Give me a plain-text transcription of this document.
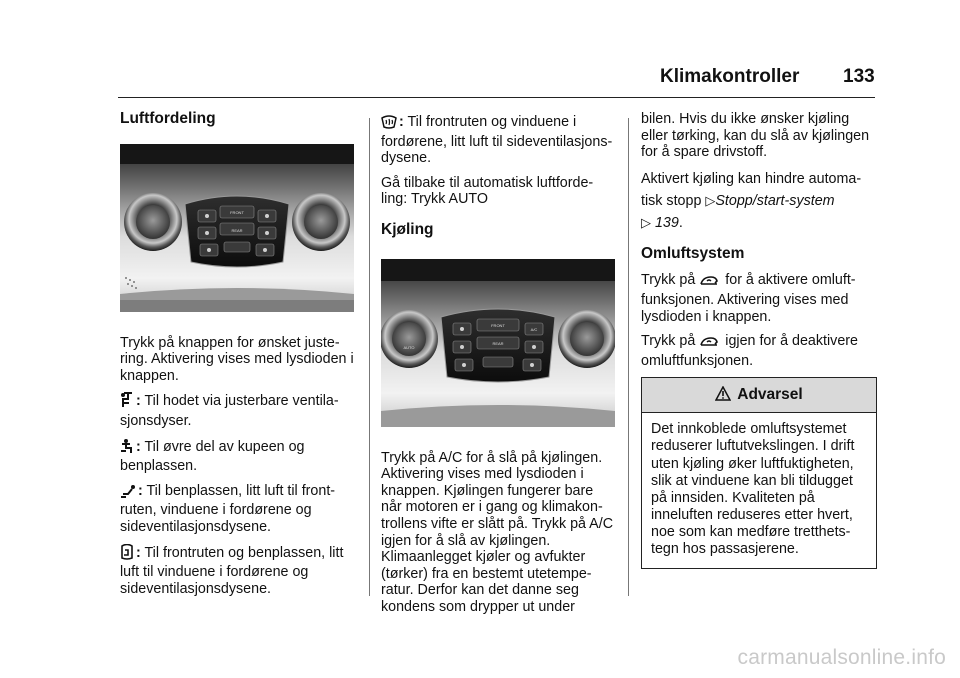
Klimakontroller 133
Luftfordeling
FRONT
REAR

Trykk på knappen for ønsket juste-ring. Aktivering vises med lysdioden i knappen.

: Til hodet via justerbare ventila-sjonsdyser.

: Til øvre del av kupeen og benplassen.

: Til benplassen, litt luft til front-ruten, vinduene i fordørene og sideventilasjonsdysene.

: Til frontruten og benplassen, litt luft til vinduene i fordørene og sideventilasjonsdysene.

: Til frontruten og vinduene i fordørene, litt luft til sideventilasjons-dysene.

Gå tilbake til automatisk luftforde-ling: Trykk AUTO

Kjøling
FRONT
REAR
A/C
AUTO

Trykk på A/C for å slå på kjølingen. Aktivering vises med lysdioden i knappen. Kjølingen fungerer bare når motoren er i gang og klimakon-trollens vifte er slått på. Trykk på A/C igjen for å slå av kjølingen. Klimaanlegget kjøler og avfukter (tørker) fra en bestemt utetempe-ratur. Derfor kan det danne seg kondens som drypper ut under

bilen. Hvis du ikke ønsker kjøling eller tørking, kan du slå av kjølingen for å spare drivstoff.

Aktivert kjøling kan hindre automa-tisk stopp ▷Stopp/start-system
▷ 139.

Omluftsystem

Trykk på for å aktivere omluft-funksjonen. Aktivering vises med lysdioden i knappen.

Trykk på igjen for å deaktivere omluftfunksjonen.

Advarsel
Det innkoblede omluftsystemet reduserer luftutvekslingen. I drift uten kjøling øker luftfuktigheten, slik at vinduene kan bli tildugget på innsiden. Kvaliteten på inneluften reduseres etter hvert, noe som kan medføre tretthets-tegn hos passasjerene.
carmanualsonline.info
